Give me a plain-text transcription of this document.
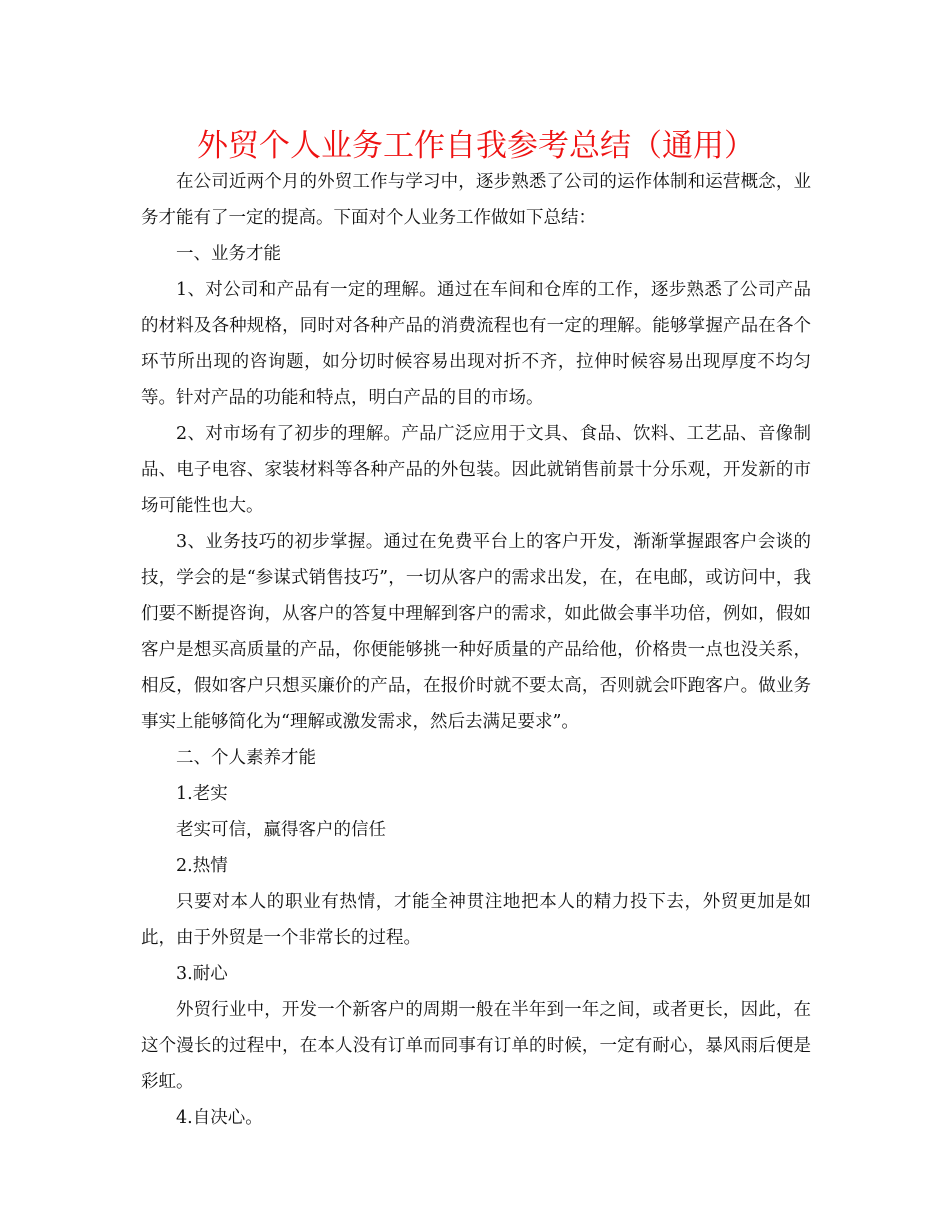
外贸个人业务工作自我参考总结（通用）

在公司近两个月的外贸工作与学习中，逐步熟悉了公司的运作体制和运营概念，业务才能有了一定的提高。下面对个人业务工作做如下总结：

一、业务才能

1、对公司和产品有一定的理解。通过在车间和仓库的工作，逐步熟悉了公司产品的材料及各种规格，同时对各种产品的消费流程也有一定的理解。能够掌握产品在各个环节所出现的咨询题，如分切时候容易出现对折不齐，拉伸时候容易出现厚度不均匀等。针对产品的功能和特点，明白产品的目的市场。

2、对市场有了初步的理解。产品广泛应用于文具、食品、饮料、工艺品、音像制品、电子电容、家装材料等各种产品的外包装。因此就销售前景十分乐观，开发新的市场可能性也大。

3、业务技巧的初步掌握。通过在免费平台上的客户开发，渐渐掌握跟客户会谈的技，学会的是“参谋式销售技巧”，一切从客户的需求出发，在，在电邮，或访问中，我们要不断提咨询，从客户的答复中理解到客户的需求，如此做会事半功倍，例如，假如客户是想买高质量的产品，你便能够挑一种好质量的产品给他，价格贵一点也没关系，相反，假如客户只想买廉价的产品，在报价时就不要太高，否则就会吓跑客户。做业务事实上能够简化为“理解或激发需求，然后去满足要求”。

二、个人素养才能

1.老实

老实可信，赢得客户的信任

2.热情

只要对本人的职业有热情，才能全神贯注地把本人的精力投下去，外贸更加是如此，由于外贸是一个非常长的过程。

3.耐心

外贸行业中，开发一个新客户的周期一般在半年到一年之间，或者更长，因此，在这个漫长的过程中，在本人没有订单而同事有订单的时候，一定有耐心，暴风雨后便是彩虹。

4.自决心。
